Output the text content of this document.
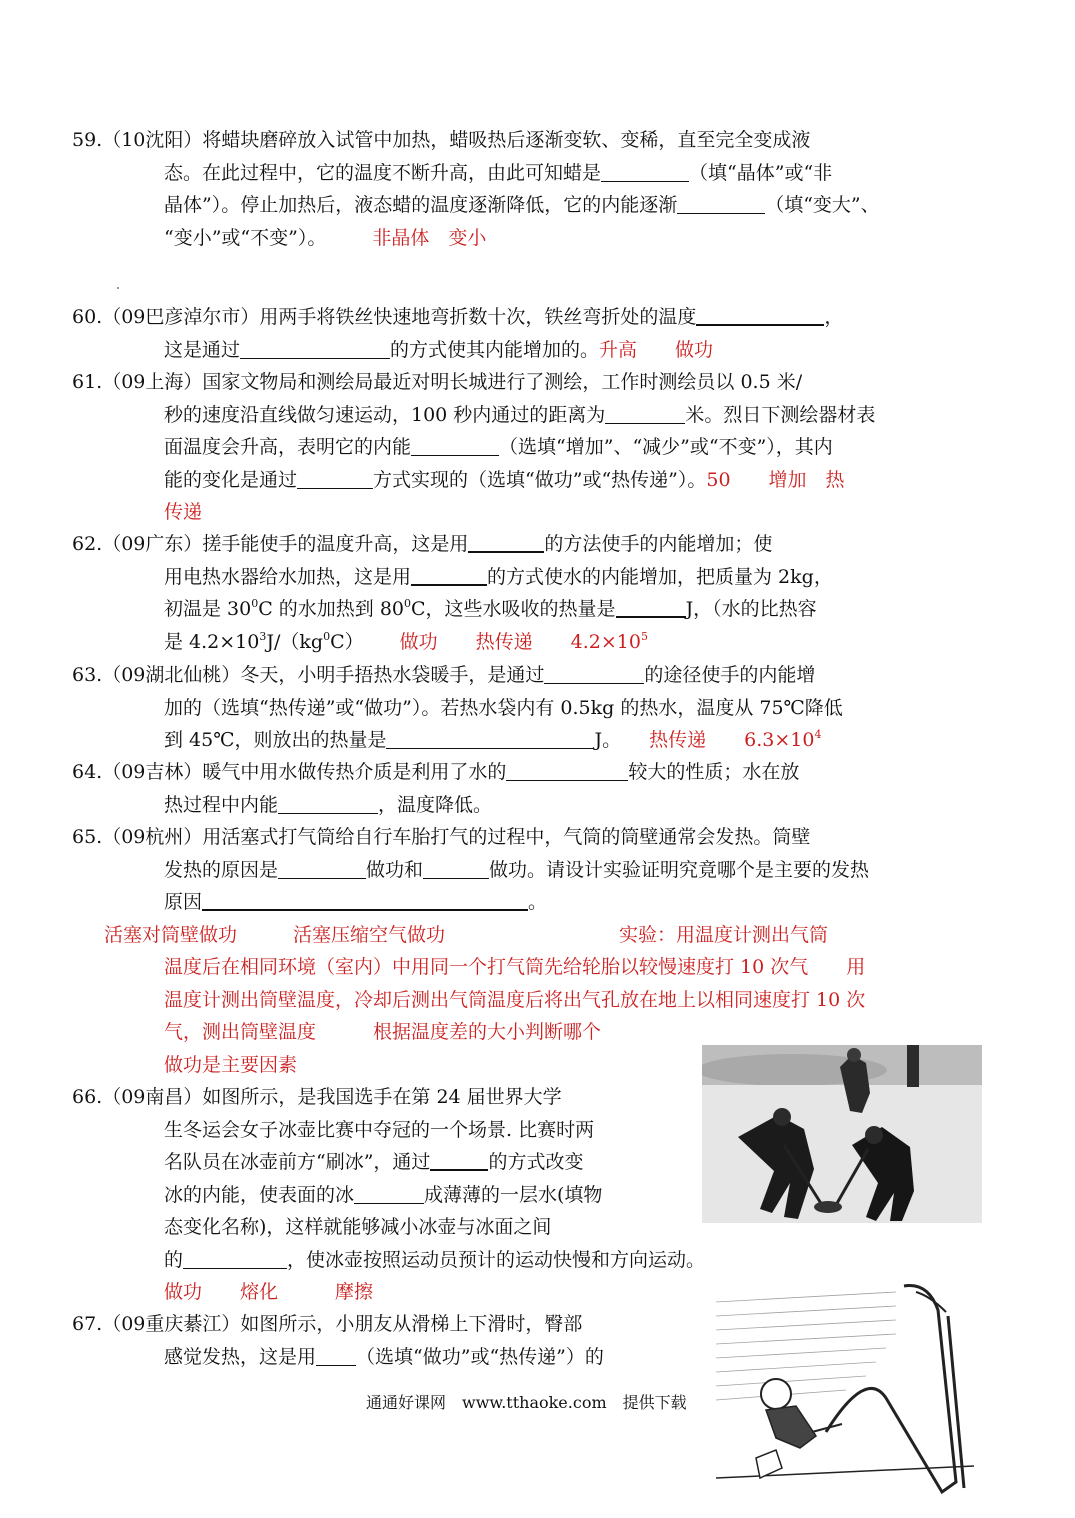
59.（10沈阳）将蜡块磨碎放入试管中加热，蜡吸热后逐渐变软、变稀，直至完全变成液
态。在此过程中，它的温度不断升高，由此可知蜡是	（填“晶体”或“非
晶体”）。停止加热后，液态蜡的温度逐渐降低，它的内能逐渐	（填“变大”、
“变小”或“不变”）。 非晶体　变小
60.（09巴彦淖尔市）用两手将铁丝快速地弯折数十次，铁丝弯折处的温度	，
这是通过	的方式使其内能增加的。升高　　做功
61.（09上海）国家文物局和测绘局最近对明长城进行了测绘，工作时测绘员以 0.5 米/
秒的速度沿直线做匀速运动，100 秒内通过的距离为	米。烈日下测绘器材表
面温度会升高，表明它的内能	（选填“增加”、“减少”或“不变”），其内
能的变化是通过	方式实现的（选填“做功”或“热传递”）。50　　增加　热
传递
62.（09广东）搓手能使手的温度升高，这是用	的方法使手的内能增加；使
用电热水器给水加热，这是用	的方式使水的内能增加，把质量为 2kg，
初温是 $30^0C$ 的水加热到 $80^0C$，这些水吸收的热量是	J，（水的比热容
是 $4.2\times 10^3J/(kg^0C)$ 做功　　热传递　　$4.2\times 10^5$
63.（09湖北仙桃）冬天，小明手捂热水袋暖手，是通过	的途径使手的内能增
加的（选填“热传递”或“做功”）。若热水袋内有 0.5kg 的热水，温度从 75℃降低
到 45℃，则放出的热量是	J。 热传递　　$6.3\times 10^4$
64.（09吉林）暖气中用水做传热介质是利用了水的	较大的性质；水在放
热过程中内能	，温度降低。
65.（09杭州）用活塞式打气筒给自行车胎打气的过程中，气筒的筒壁通常会发热。筒壁
发热的原因是	做功和	做功。请设计实验证明究竟哪个是主要的发热
原因	。
活塞对筒壁做功	活塞压缩空气做功	实验：用温度计测出气筒
温度后在相同环境（室内）中用同一个打气筒先给轮胎以较慢速度打 10 次气　　用
温度计测出筒壁温度，冷却后测出气筒温度后将出气孔放在地上以相同速度打 10 次
气，测出筒壁温度　　　根据温度差的大小判断哪个
做功是主要因素
66.（09南昌）如图所示，是我国选手在第 24 届世界大学
生冬运会女子冰壶比赛中夺冠的一个场景. 比赛时两
名队员在冰壶前方“刷冰”，通过	的方式改变
冰的内能，使表面的冰	成薄薄的一层水(填物
态变化名称)，这样就能够减小冰壶与冰面之间
的	，使冰壶按照运动员预计的运动快慢和方向运动。
做功　　熔化　　　摩擦
67.（09重庆綦江）如图所示，小朋友从滑梯上下滑时，臀部
感觉发热，这是用 （选填“做功”或“热传递”）的
通通好课网　www.tthaoke.com　提供下载
